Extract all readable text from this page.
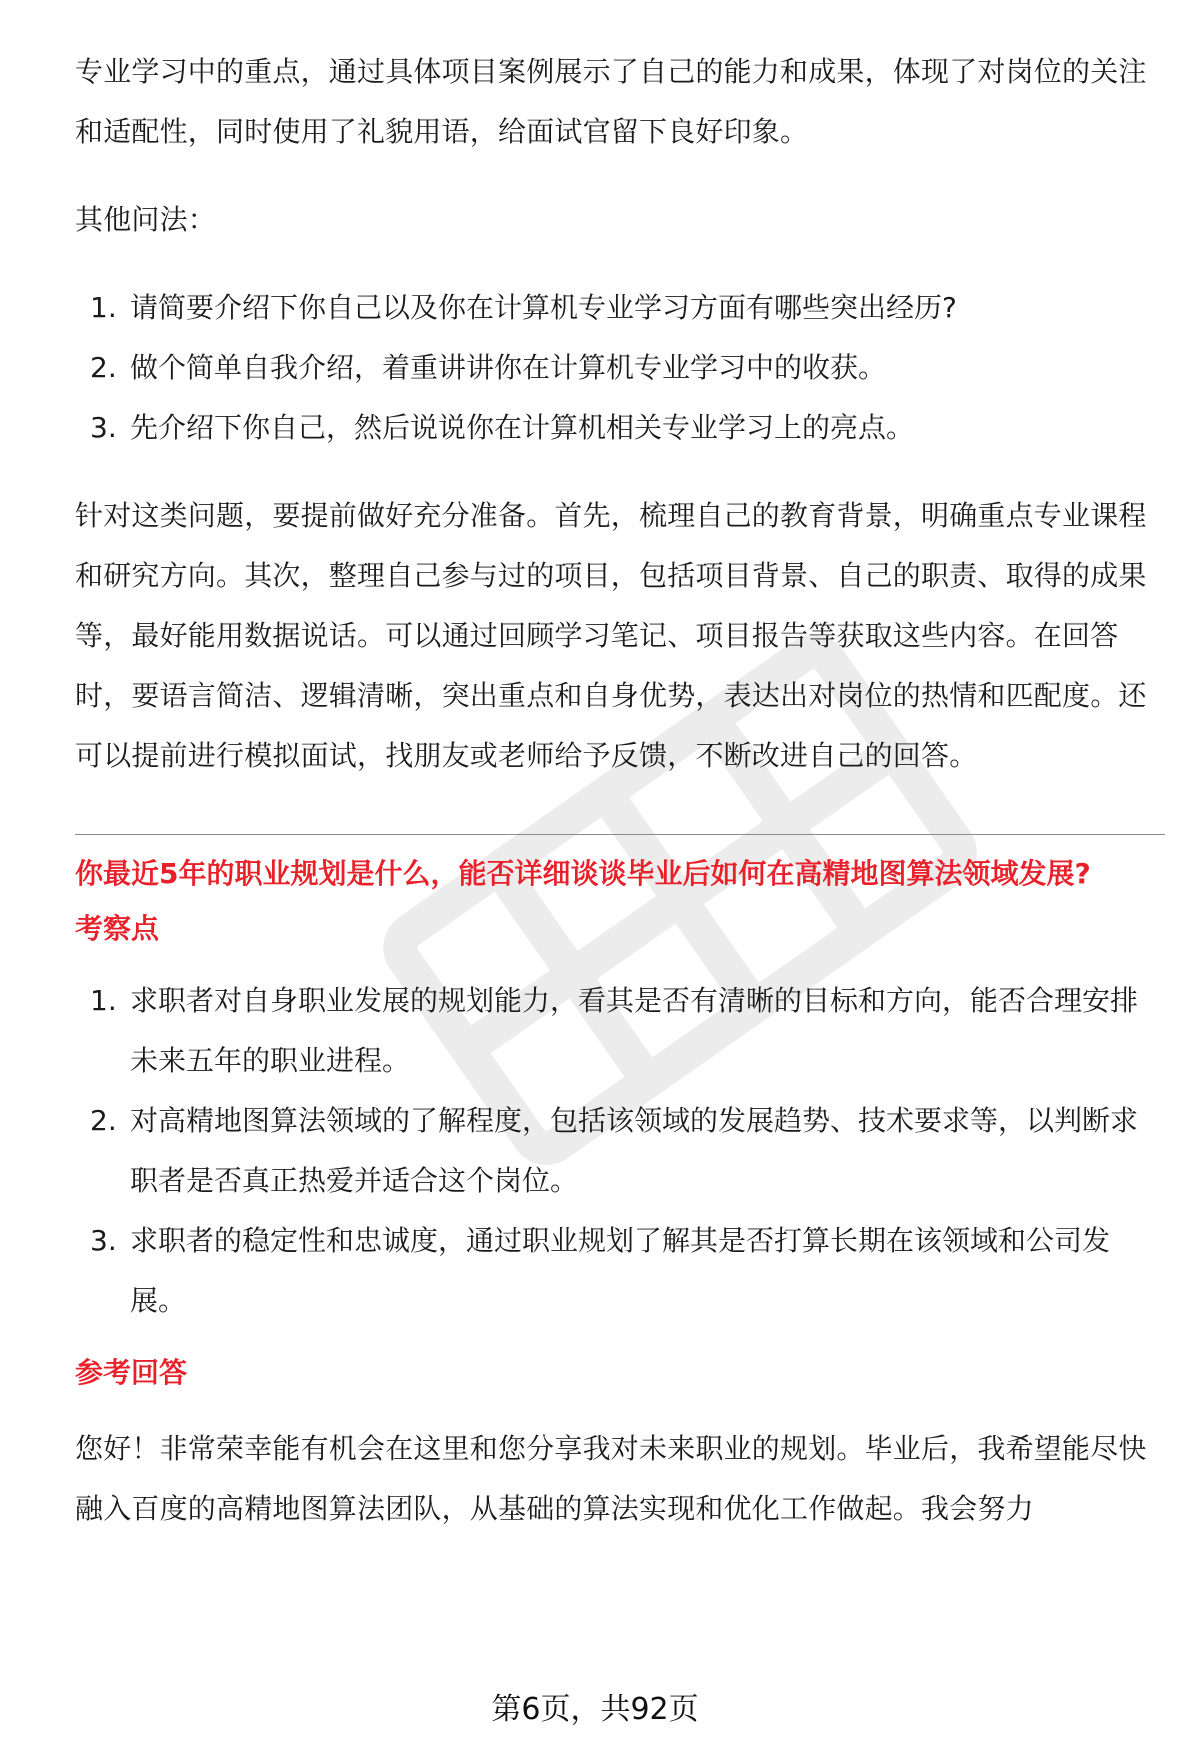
专业学习中的重点，通过具体项目案例展示了自己的能力和成果，体现了对岗位的关注和适配性，同时使用了礼貌用语，给面试官留下良好印象。

其他问法：

1. 请简要介绍下你自己以及你在计算机专业学习方面有哪些突出经历?
2. 做个简单自我介绍，着重讲讲你在计算机专业学习中的收获。
3. 先介绍下你自己，然后说说你在计算机相关专业学习上的亮点。

针对这类问题，要提前做好充分准备。首先，梳理自己的教育背景，明确重点专业课程和研究方向。其次，整理自己参与过的项目，包括项目背景、自己的职责、取得的成果等，最好能用数据说话。可以通过回顾学习笔记、项目报告等获取这些内容。在回答时，要语言简洁、逻辑清晰，突出重点和自身优势，表达出对岗位的热情和匹配度。还可以提前进行模拟面试，找朋友或老师给予反馈，不断改进自己的回答。

你最近5年的职业规划是什么，能否详细谈谈毕业后如何在高精地图算法领域发展?

考察点

1. 求职者对自身职业发展的规划能力，看其是否有清晰的目标和方向，能否合理安排未来五年的职业进程。
2. 对高精地图算法领域的了解程度，包括该领域的发展趋势、技术要求等，以判断求职者是否真正热爱并适合这个岗位。
3. 求职者的稳定性和忠诚度，通过职业规划了解其是否打算长期在该领域和公司发展。

参考回答

您好！非常荣幸能有机会在这里和您分享我对未来职业的规划。毕业后，我希望能尽快融入百度的高精地图算法团队，从基础的算法实现和优化工作做起。我会努力

第6页，共92页
